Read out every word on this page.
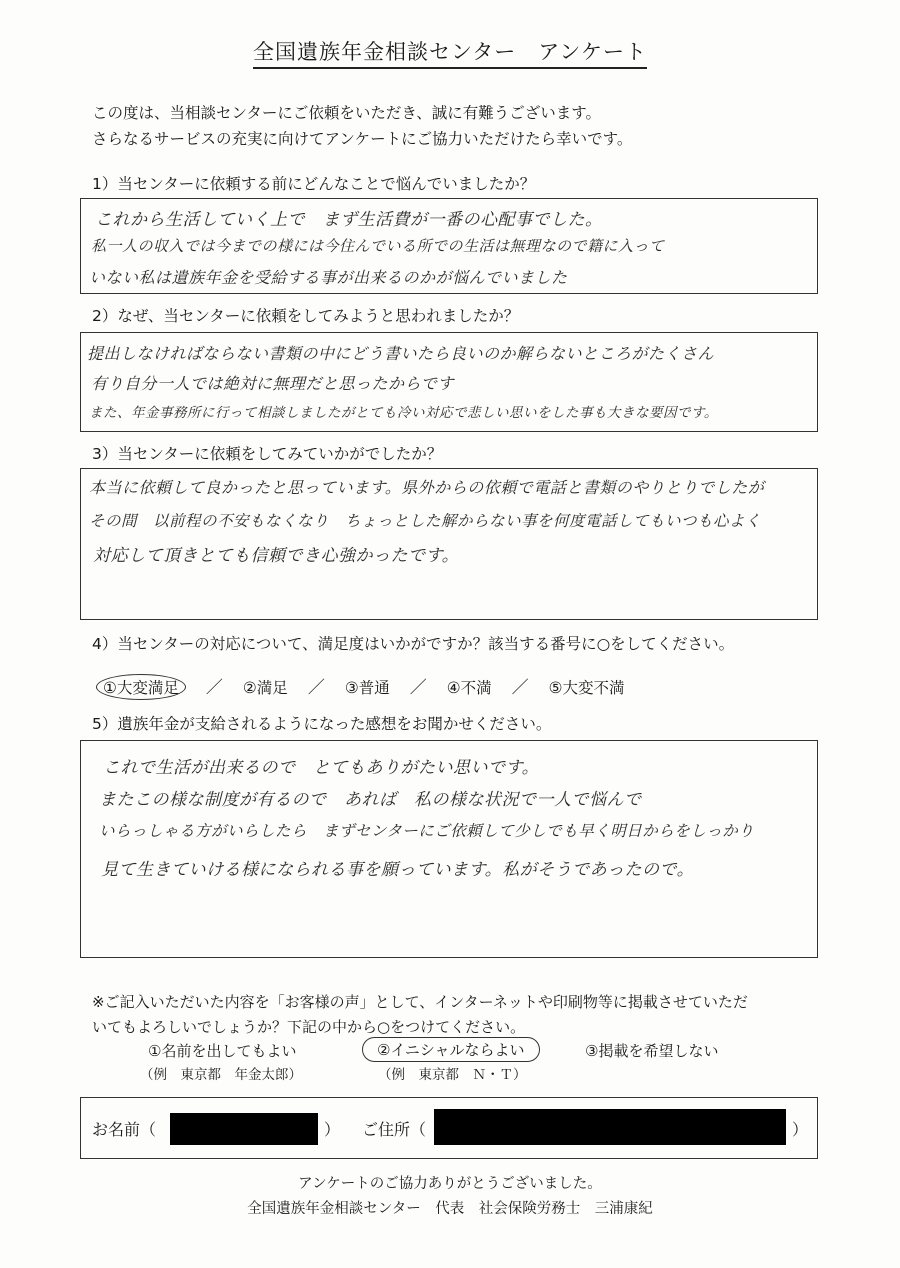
全国遺族年金相談センター　アンケート
この度は、当相談センターにご依頼をいただき、誠に有難うございます。
さらなるサービスの充実に向けてアンケートにご協力いただけたら幸いです。
1）当センターに依頼する前にどんなことで悩んでいましたか？
これから生活していく上で　まず生活費が一番の心配事でした。
私一人の収入では今までの様には今住んでいる所での生活は無理なので籍に入って
いない私は遺族年金を受給する事が出来るのかが悩んでいました
2）なぜ、当センターに依頼をしてみようと思われましたか？
提出しなければならない書類の中にどう書いたら良いのか解らないところがたくさん
有り自分一人では絶対に無理だと思ったからです
また、年金事務所に行って相談しましたがとても冷い対応で悲しい思いをした事も大きな要因です。
3）当センターに依頼をしてみていかがでしたか？
本当に依頼して良かったと思っています。県外からの依頼で電話と書類のやりとりでしたが
その間　以前程の不安もなくなり　ちょっとした解からない事を何度電話してもいつも心よく
対応して頂きとても信頼でき心強かったです。
4）当センターの対応について、満足度はいかがですか？該当する番号に○をしてください。
①大変満足 ／ ②満足 ／ ③普通 ／ ④不満 ／ ⑤大変不満
5）遺族年金が支給されるようになった感想をお聞かせください。
これで生活が出来るので　とてもありがたい思いです。
またこの様な制度が有るので　あれば　私の様な状況で一人で悩んで
いらっしゃる方がいらしたら　まずセンターにご依頼して少しでも早く明日からをしっかり
見て生きていける様になられる事を願っています。私がそうであったので。
※ご記入いただいた内容を「お客様の声」として、インターネットや印刷物等に掲載させていただ
いてもよろしいでしょうか？下記の中から○をつけてください。
①名前を出してもよい
（例　東京都　年金太郎）
②イニシャルならよい
（例　東京都　Ｎ・Ｔ）
③掲載を希望しない
お名前（	） ご住所（	）
アンケートのご協力ありがとうございました。
全国遺族年金相談センター　代表　社会保険労務士　三浦康紀
